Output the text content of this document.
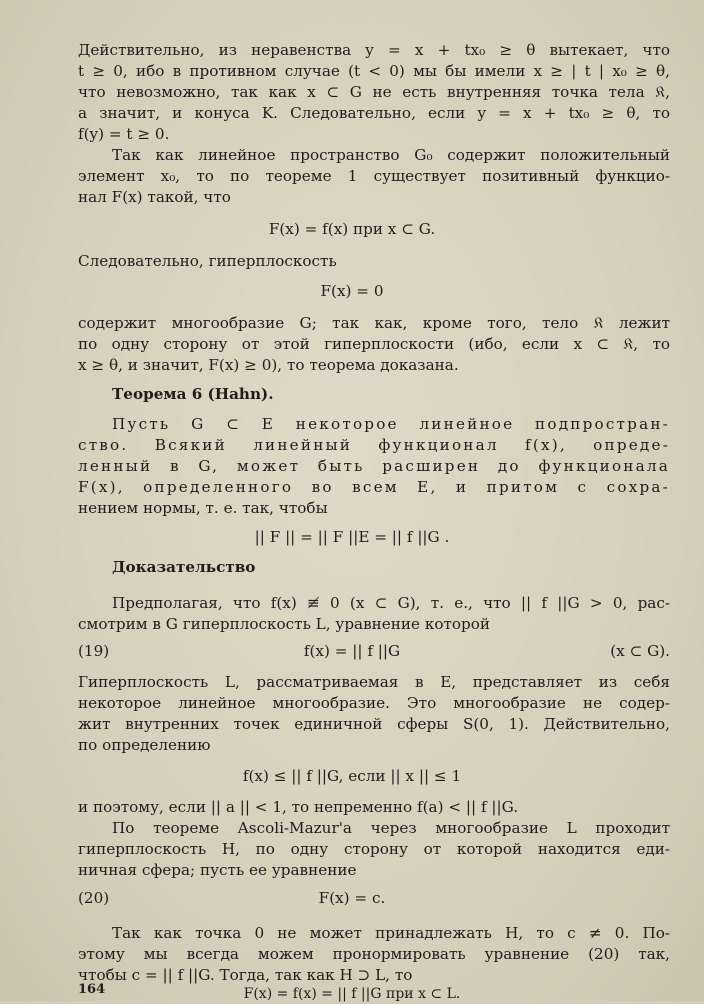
Действительно, из неравенства y = x + tx₀ ≥ θ вытекает, что
t ≥ 0, ибо в противном случае (t < 0) мы бы имели x ≥ | t | x₀ ≥ θ,
что невозможно, так как x ⊂ G не есть внутренняя точка тела 𝔎,
а значит, и конуса K. Следовательно, если y = x + tx₀ ≥ θ, то
f(y) = t ≥ 0.
Так как линейное пространство G₀ содержит положительный
элемент x₀, то по теореме 1 существует позитивный функцио-
нал F(x) такой, что
F(x) = f(x) при x ⊂ G.
Следовательно, гиперплоскость
F(x) = 0
содержит многообразие G; так как, кроме того, тело 𝔎 лежит
по одну сторону от этой гиперплоскости (ибо, если x ⊂ 𝔎, то
x ≥ θ, и значит, F(x) ≥ 0), то теорема доказана.
Теорема 6 (Hahn).
Пусть G ⊂ E некоторое линейное подпростран-
ство. Всякий линейный функционал f(x), опреде-
ленный в G, может быть расширен до функционала
F(x), определенного во всем E, и притом с сохра-
нением нормы, т. е. так, чтобы
|| F || = || F ||E = || f ||G .
Доказательство
Предполагая, что f(x) ≢ 0 (x ⊂ G), т. е., что || f ||G > 0, рас-
смотрим в G гиперплоскость L, уравнение которой
(19)	f(x) = || f ||G	(x ⊂ G).
Гиперплоскость L, рассматриваемая в E, представляет из себя
некоторое линейное многообразие. Это многообразие не содер-
жит внутренних точек единичной сферы S(0, 1). Действительно,
по определению
f(x) ≤ || f ||G, если || x || ≤ 1
и поэтому, если || a || < 1, то непременно f(a) < || f ||G.
По теореме Ascoli-Mazur'a через многообразие L проходит
гиперплоскость H, по одну сторону от которой находится еди-
ничная сфера; пусть ее уравнение
(20)	F(x) = c.
Так как точка 0 не может принадлежать H, то c ≠ 0. По-
этому мы всегда можем пронормировать уравнение (20) так,
чтобы c = || f ||G. Тогда, так как H ⊃ L, то
F(x) = f(x) = || f ||G при x ⊂ L.
164
